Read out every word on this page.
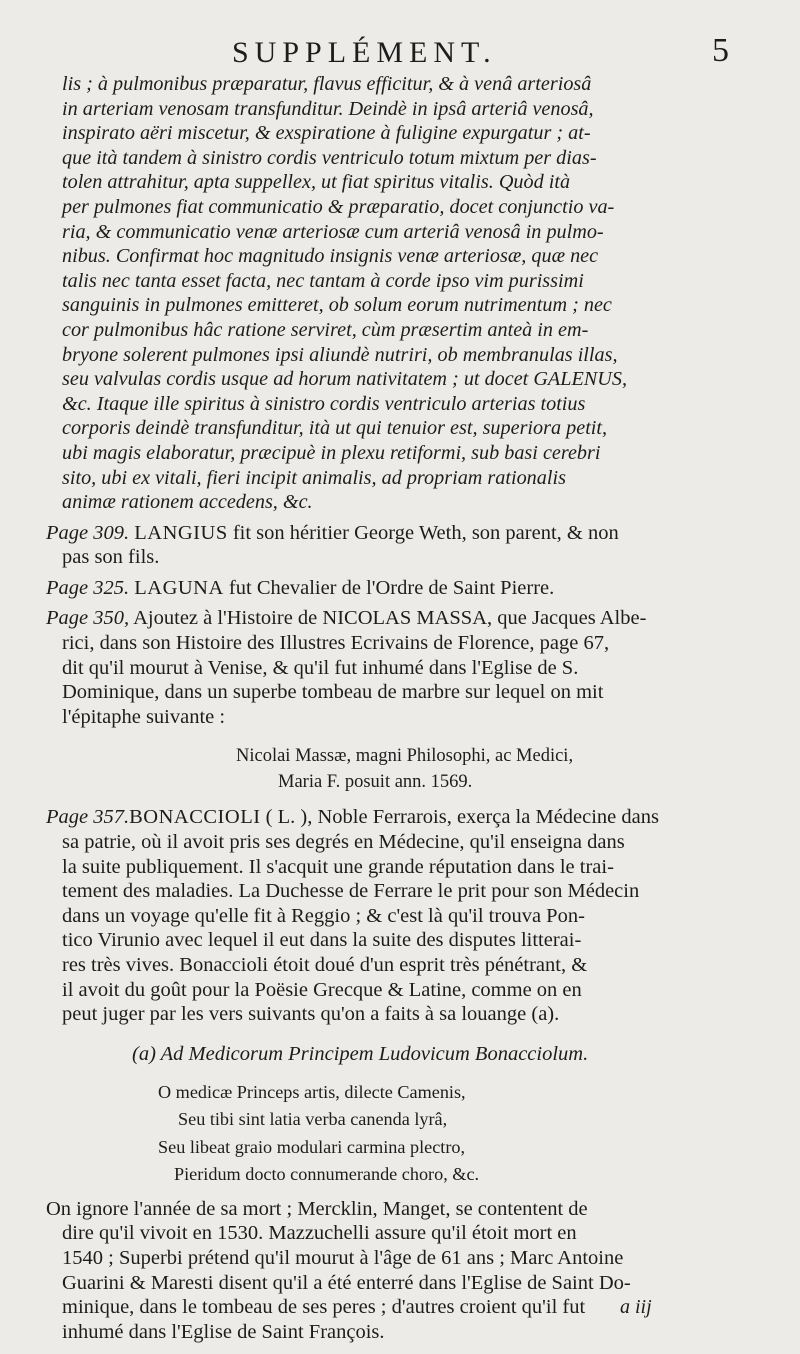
SUPPLÉMENT.	5

lis ; à pulmonibus præparatur, flavus efficitur, & à venâ arteriosâ
in arteriam venosam transfunditur. Deindè in ipsâ arteriâ venosâ,
inspirato aëri miscetur, & exspiratione à fuligine expurgatur ; at-
que ità tandem à sinistro cordis ventriculo totum mixtum per dias-
tolen attrahitur, apta suppellex, ut fiat spiritus vitalis. Quòd ità
per pulmones fiat communicatio & præparatio, docet conjunctio va-
ria, & communicatio venæ arteriosæ cum arteriâ venosâ in pulmo-
nibus. Confirmat hoc magnitudo insignis venæ arteriosæ, quæ nec
talis nec tanta esset facta, nec tantam à corde ipso vim purissimi
sanguinis in pulmones emitteret, ob solum eorum nutrimentum ; nec
cor pulmonibus hâc ratione serviret, cùm præsertim anteà in em-
bryone solerent pulmones ipsi aliundè nutriri, ob membranulas illas,
seu valvulas cordis usque ad horum nativitatem ; ut docet GALENUS,
&c. Itaque ille spiritus à sinistro cordis ventriculo arterias totius
corporis deindè transfunditur, ità ut qui tenuior est, superiora petit,
ubi magis elaboratur, præcipuè in plexu retiformi, sub basi cerebri
sito, ubi ex vitali, fieri incipit animalis, ad propriam rationalis
animæ rationem accedens, &c.

Page 309. LANGIUS fit son héritier George Weth, son parent, & non
pas son fils.
Page 325. LAGUNA fut Chevalier de l'Ordre de Saint Pierre.
Page 350, Ajoutez à l'Histoire de NICOLAS MASSA, que Jacques Albe-
rici, dans son Histoire des Illustres Ecrivains de Florence, page 67,
dit qu'il mourut à Venise, & qu'il fut inhumé dans l'Eglise de S.
Dominique, dans un superbe tombeau de marbre sur lequel on mit
l'épitaphe suivante :
Nicolai Massæ, magni Philosophi, ac Medici,
Maria F. posuit ann. 1569.
Page 357.BONACCIOLI ( L. ), Noble Ferrarois, exerça la Médecine dans
sa patrie, où il avoit pris ses degrés en Médecine, qu'il enseigna dans
la suite publiquement. Il s'acquit une grande réputation dans le trai-
tement des maladies. La Duchesse de Ferrare le prit pour son Médecin
dans un voyage qu'elle fit à Reggio ; & c'est là qu'il trouva Pon-
tico Virunio avec lequel il eut dans la suite des disputes litterai-
res très vives. Bonaccioli étoit doué d'un esprit très pénétrant, &
il avoit du goût pour la Poësie Grecque & Latine, comme on en
peut juger par les vers suivants qu'on a faits à sa louange (a).
(a) Ad Medicorum Principem Ludovicum Bonacciolum.
O medicæ Princeps artis, dilecte Camenis,
Seu tibi sint latia verba canenda lyrâ,
Seu libeat graio modulari carmina plectro,
Pieridum docto connumerande choro, &c.
On ignore l'année de sa mort ; Mercklin, Manget, se contentent de
dire qu'il vivoit en 1530. Mazzuchelli assure qu'il étoit mort en
1540 ; Superbi prétend qu'il mourut à l'âge de 61 ans ; Marc Antoine
Guarini & Maresti disent qu'il a été enterré dans l'Eglise de Saint Do-
minique, dans le tombeau de ses peres ; d'autres croient qu'il fut
inhumé dans l'Eglise de Saint François.
a iij
